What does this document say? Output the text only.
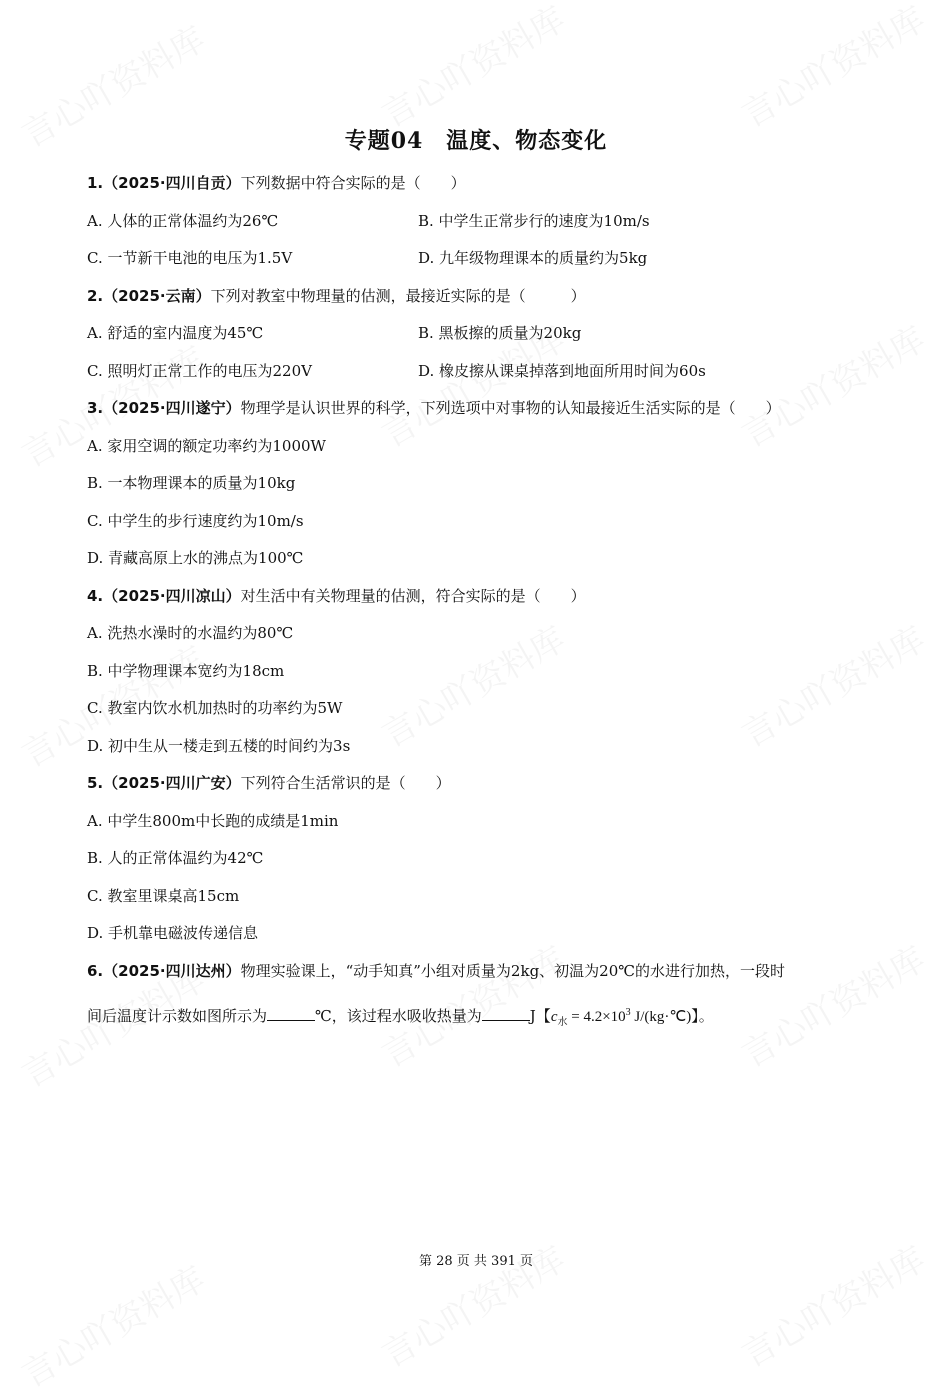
专题04　温度、物态变化
1.（2025·四川自贡）下列数据中符合实际的是（　　）
A. 人体的正常体温约为26℃	B. 中学生正常步行的速度为10m/s
C. 一节新干电池的电压为1.5V	D. 九年级物理课本的质量约为5kg
2.（2025·云南）下列对教室中物理量的估测，最接近实际的是（　　　）
A. 舒适的室内温度为45℃	B. 黑板擦的质量为20kg
C. 照明灯正常工作的电压为220V	D. 橡皮擦从课桌掉落到地面所用时间为60s
3.（2025·四川遂宁）物理学是认识世界的科学，下列选项中对事物的认知最接近生活实际的是（　　）
A. 家用空调的额定功率约为1000W
B. 一本物理课本的质量为10kg
C. 中学生的步行速度约为10m/s
D. 青藏高原上水的沸点为100℃
4.（2025·四川凉山）对生活中有关物理量的估测，符合实际的是（　　）
A. 洗热水澡时的水温约为80℃
B. 中学物理课本宽约为18cm
C. 教室内饮水机加热时的功率约为5W
D. 初中生从一楼走到五楼的时间约为3s
5.（2025·四川广安）下列符合生活常识的是（　　）
A. 中学生800m中长跑的成绩是1min
B. 人的正常体温约为42℃
C. 教室里课桌高15cm
D. 手机靠电磁波传递信息
6.（2025·四川达州）物理实验课上，“动手知真”小组对质量为2kg、初温为20℃的水进行加热，一段时
间后温度计示数如图所示为	℃，该过程水吸收热量为	J【$c_水 = 4.2\times 10^3$ J/(kg·℃)】。
第 28 页 共 391 页
